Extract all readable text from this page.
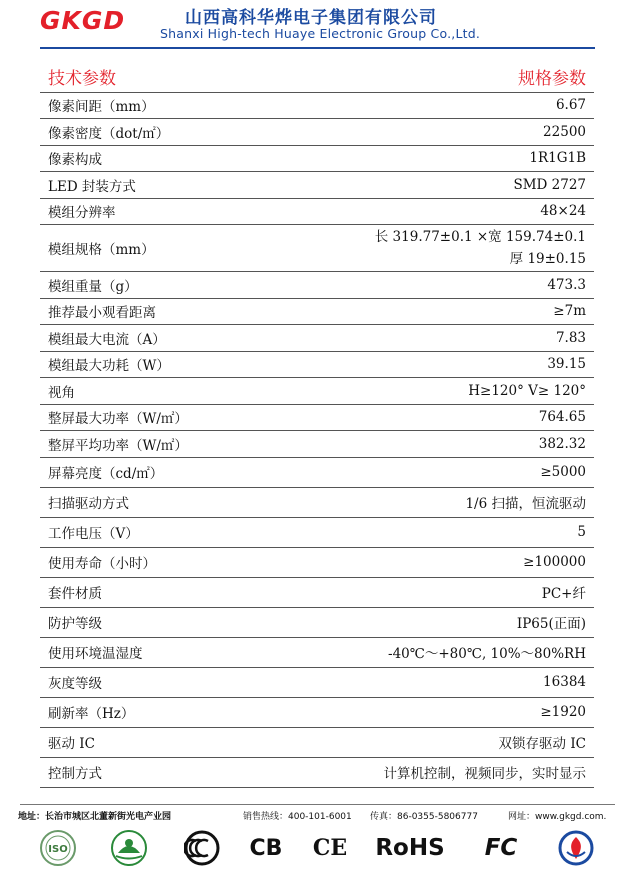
GKGD	山西高科华烨电子集团有限公司
Shanxi High-tech Huaye Electronic Group Co.,Ltd.
技术参数	规格参数
像素间距（mm）	6.67
像素密度（dot/㎡）	22500
像素构成	1R1G1B
LED 封装方式	SMD 2727
模组分辨率	48×24
模组规格（mm）	长 319.77±0.1 ×宽 159.74±0.1
厚 19±0.15

模组重量（g）	473.3
推荐最小观看距离	≥7m
模组最大电流（A）	7.83
模组最大功耗（W）	39.15
视角	H≥120° V≥ 120°
整屏最大功率（W/㎡）	764.65
整屏平均功率（W/㎡）	382.32
屏幕亮度（cd/㎡）	≥5000
扫描驱动方式	1/6 扫描，恒流驱动
工作电压（V）	5
使用寿命（小时）	≥100000
套件材质	PC+纤
防护等级	IP65(正面)
使用环境温湿度	-40℃～+80℃, 10%～80%RH
灰度等级	16384
刷新率（Hz）	≥1920
驱动 IC	双锁存驱动 IC
控制方式	计算机控制，视频同步，实时显示
地址：长治市城区北董新街光电产业园	销售热线：400-101-6001 传真：86-0355-5806777	网址：www.gkgd.com.
ISO	CB CE RoHS FC
